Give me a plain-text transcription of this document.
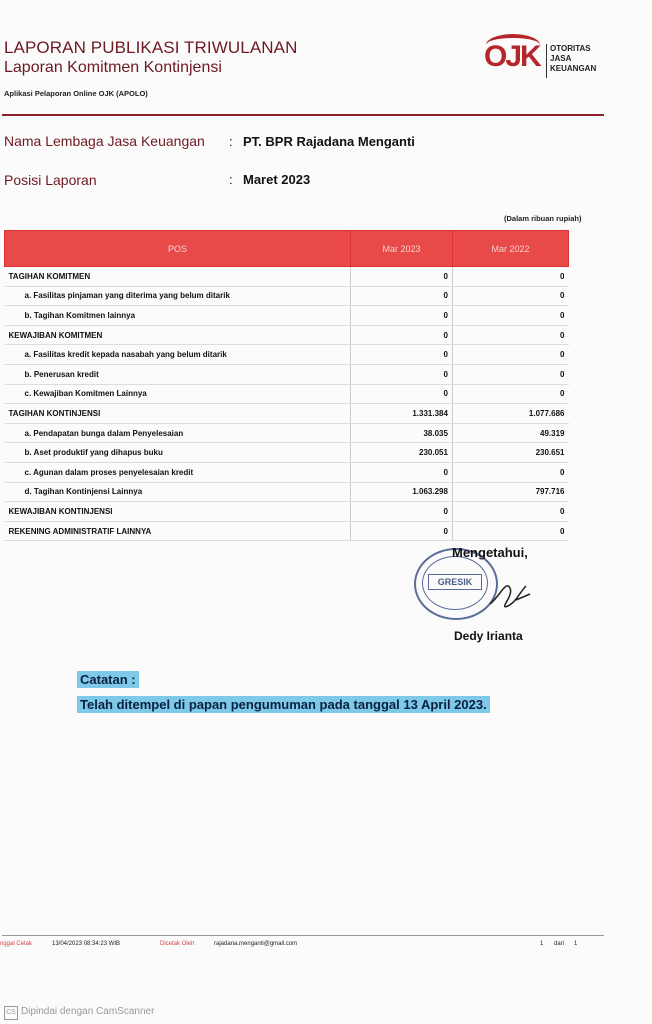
LAPORAN PUBLIKASI TRIWULANAN
Laporan Komitmen Kontinjensi
Aplikasi Pelaporan Online OJK (APOLO)
OJK OTORITAS
JASA
KEUANGAN
Nama Lembaga Jasa Keuangan : PT. BPR Rajadana Menganti
Posisi Laporan	: Maret 2023
(Dalam ribuan rupiah)
POS	Mar 2023	Mar 2022
TAGIHAN KOMITMEN	0	0
a. Fasilitas pinjaman yang diterima yang belum ditarik	0	0
b. Tagihan Komitmen lainnya	0	0
KEWAJIBAN KOMITMEN	0	0
a. Fasilitas kredit kepada nasabah yang belum ditarik	0	0
b. Penerusan kredit	0	0
c. Kewajiban Komitmen Lainnya	0	0
TAGIHAN KONTINJENSI	1.331.384	1.077.686
a. Pendapatan bunga dalam Penyelesaian	38.035	49.319
b. Aset produktif yang dihapus buku	230.051	230.651
c. Agunan dalam proses penyelesaian kredit	0	0
d. Tagihan Kontinjensi Lainnya	1.063.298	797.716
KEWAJIBAN KONTINJENSI	0	0
REKENING ADMINISTRATIF LAINNYA	0	0
GRESIK
Mengetahui,
Dedy Irianta
Catatan :
Telah ditempel di papan pengumuman pada tanggal 13 April 2023.
nggal Cetak	13/04/2023 08:34:23 WIB	Dicetak Oleh	rajadana.menganti@gmail.com	1 dari 1
CS Dipindai dengan CamScanner
